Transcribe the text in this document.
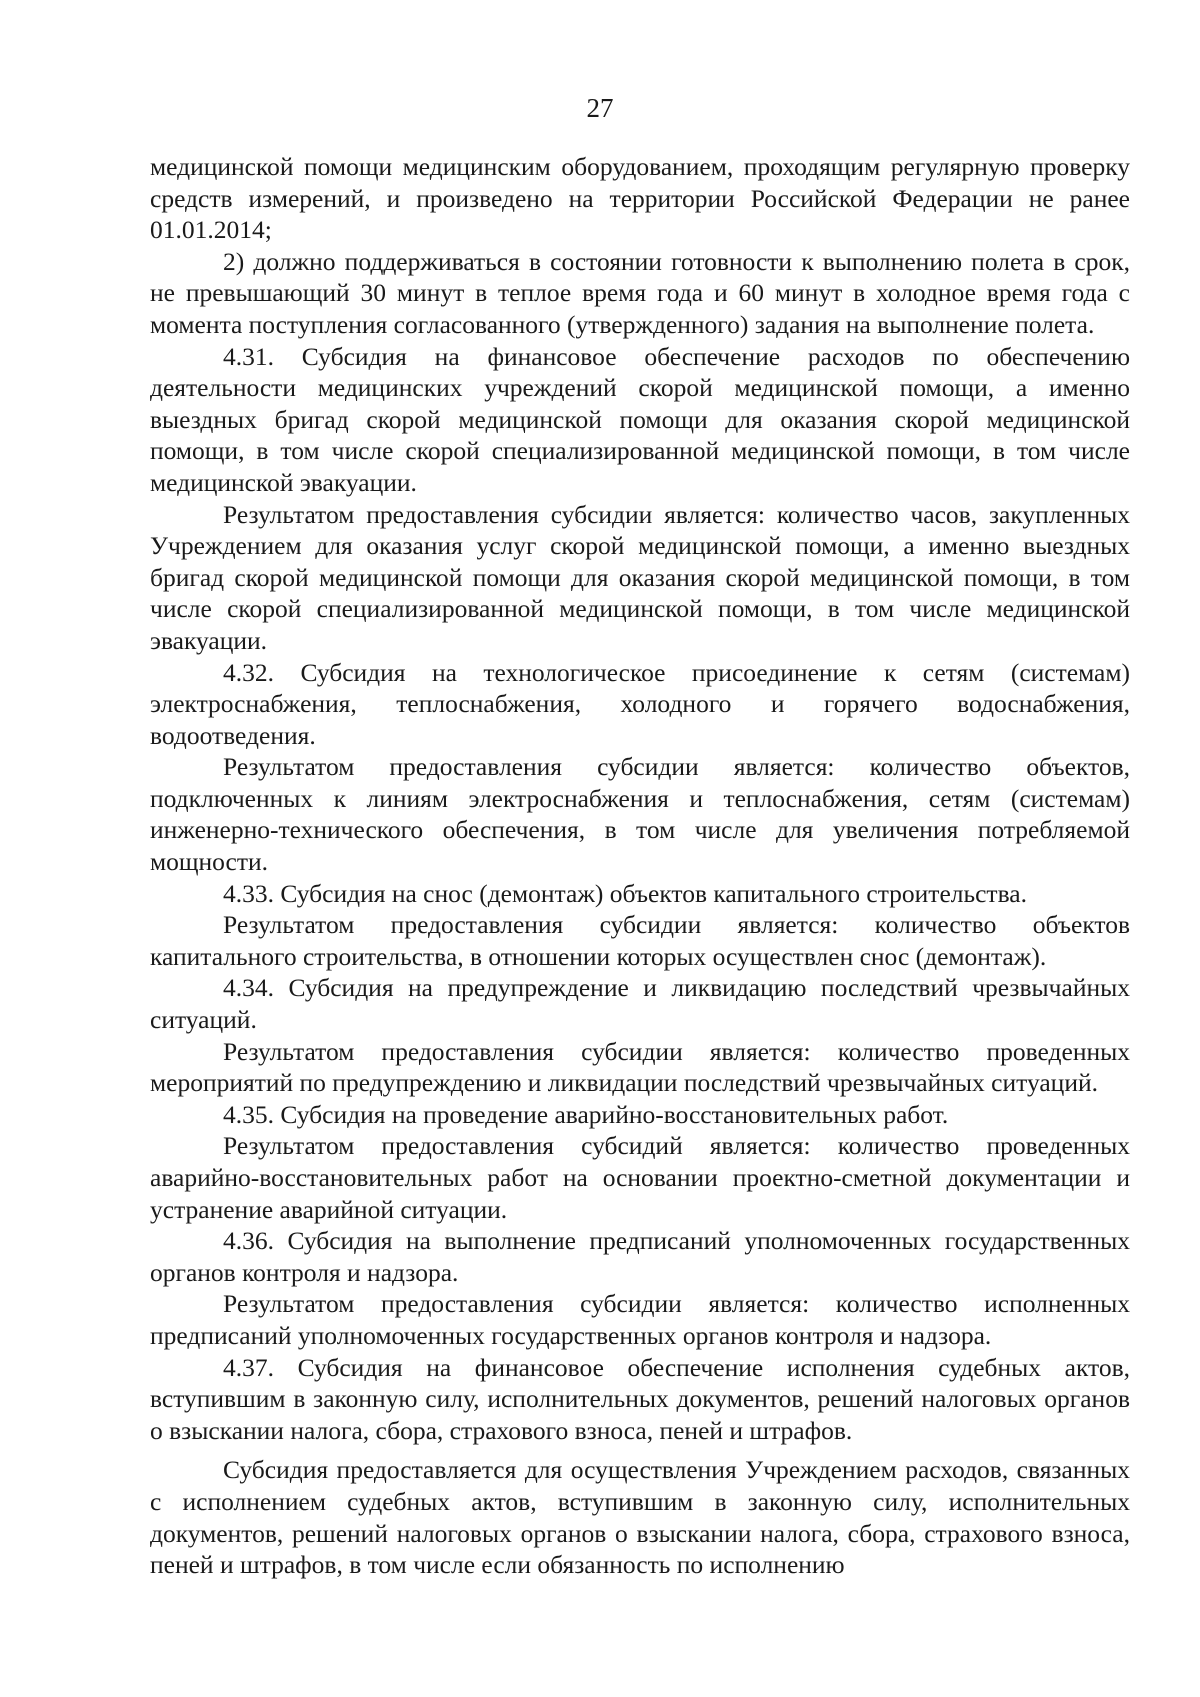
27

медицинской помощи медицинским оборудованием, проходящим регулярную проверку средств измерений, и произведено на территории Российской Федерации не ранее 01.01.2014;

2) должно поддерживаться в состоянии готовности к выполнению полета в срок, не превышающий 30 минут в теплое время года и 60 минут в холодное время года с момента поступления согласованного (утвержденного) задания на выполнение полета.

4.31. Субсидия на финансовое обеспечение расходов по обеспечению деятельности медицинских учреждений скорой медицинской помощи, а именно выездных бригад скорой медицинской помощи для оказания скорой медицинской помощи, в том числе скорой специализированной медицинской помощи, в том числе медицинской эвакуации.

Результатом предоставления субсидии является: количество часов, закупленных Учреждением для оказания услуг скорой медицинской помощи, а именно выездных бригад скорой медицинской помощи для оказания скорой медицинской помощи, в том числе скорой специализированной медицинской помощи, в том числе медицинской эвакуации.

4.32. Субсидия на технологическое присоединение к сетям (системам) электроснабжения, теплоснабжения, холодного и горячего водоснабжения, водоотведения.

Результатом предоставления субсидии является: количество объектов, подключенных к линиям электроснабжения и теплоснабжения, сетям (системам) инженерно-технического обеспечения, в том числе для увеличения потребляемой мощности.

4.33. Субсидия на снос (демонтаж) объектов капитального строительства.

Результатом предоставления субсидии является: количество объектов капитального строительства, в отношении которых осуществлен снос (демонтаж).

4.34. Субсидия на предупреждение и ликвидацию последствий чрезвычайных ситуаций.

Результатом предоставления субсидии является: количество проведенных мероприятий по предупреждению и ликвидации последствий чрезвычайных ситуаций.

4.35. Субсидия на проведение аварийно-восстановительных работ.

Результатом предоставления субсидий является: количество проведенных аварийно-восстановительных работ на основании проектно-сметной документации и устранение аварийной ситуации.

4.36. Субсидия на выполнение предписаний уполномоченных государственных органов контроля и надзора.

Результатом предоставления субсидии является: количество исполненных предписаний уполномоченных государственных органов контроля и надзора.

4.37. Субсидия на финансовое обеспечение исполнения судебных актов, вступившим в законную силу, исполнительных документов, решений налоговых органов о взыскании налога, сбора, страхового взноса, пеней и штрафов.

Субсидия предоставляется для осуществления Учреждением расходов, связанных с исполнением судебных актов, вступившим в законную силу, исполнительных документов, решений налоговых органов о взыскании налога, сбора, страхового взноса, пеней и штрафов, в том числе если обязанность по исполнению
